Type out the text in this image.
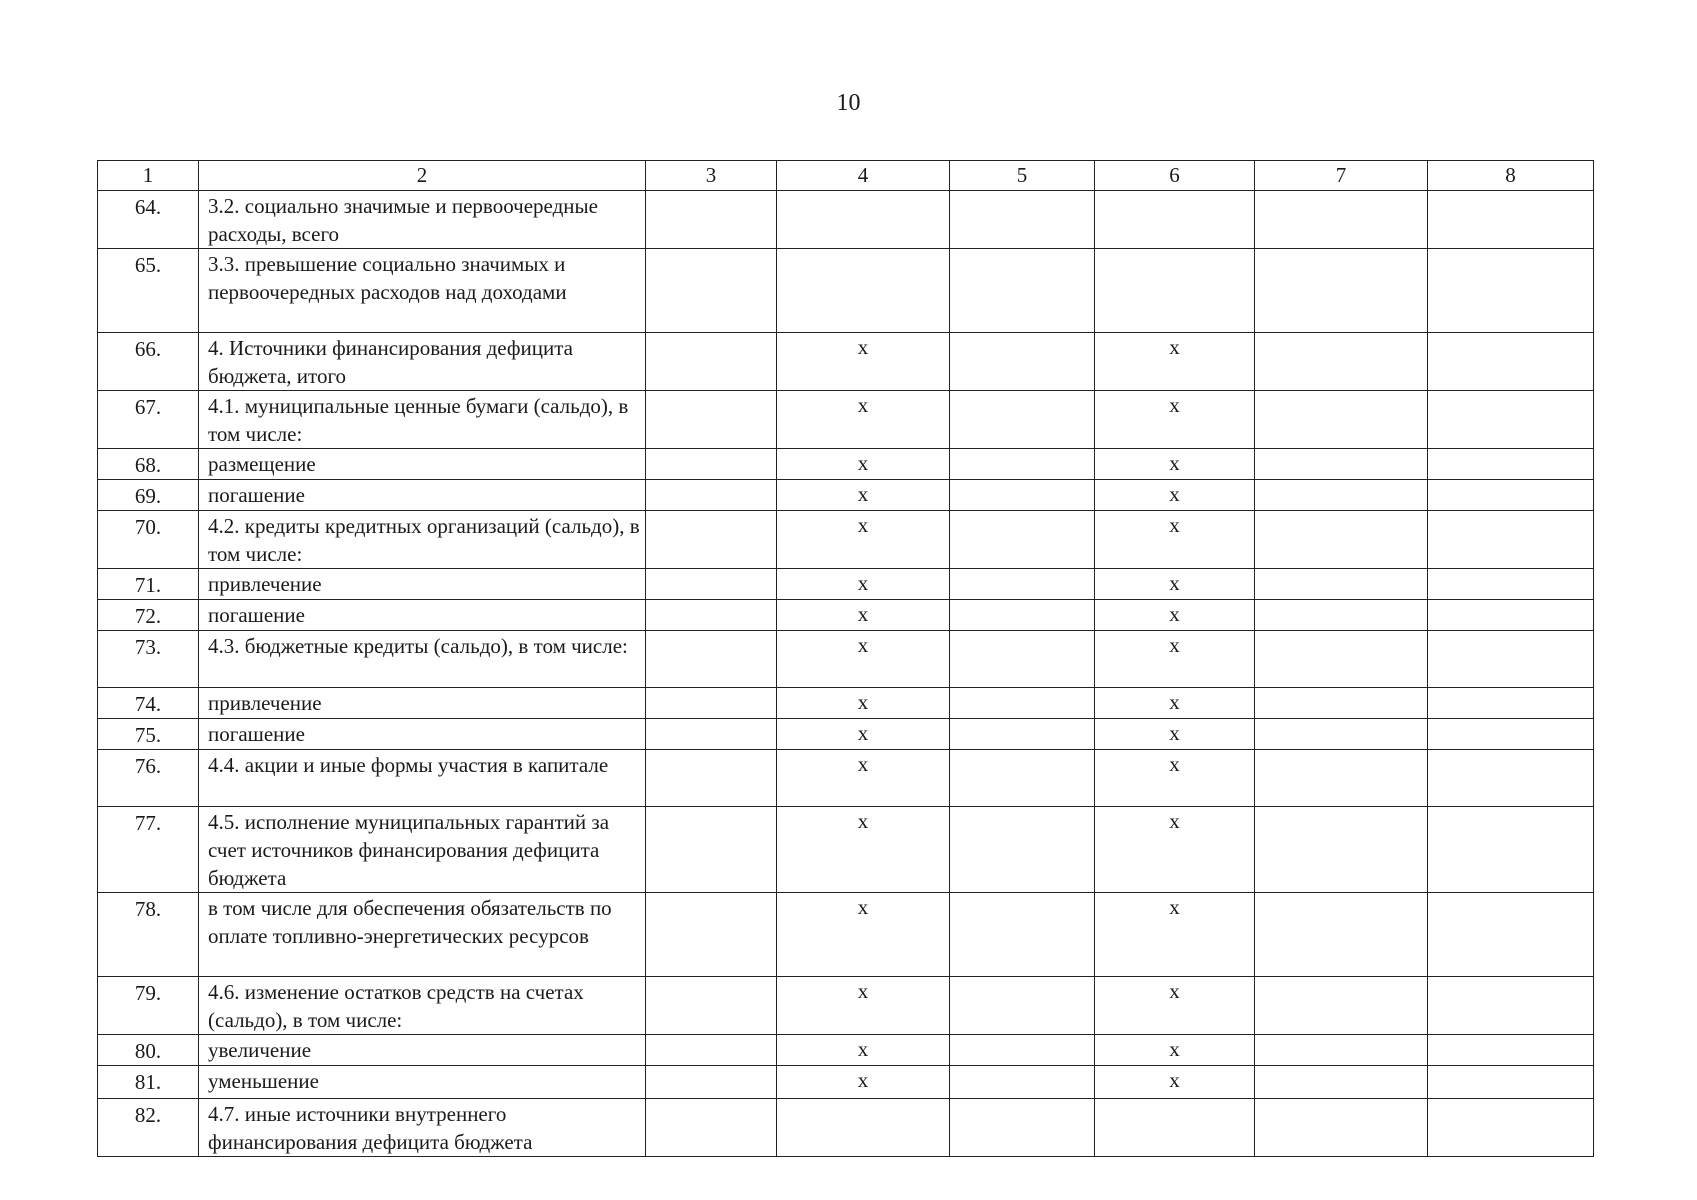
10
1	2	3	4	5	6	7	8

64.	3.2. социально значимые и первоочередные расходы, всего						

65.	3.3. превышение социально значимых и первоочередных расходов над доходами						

66.	4. Источники финансирования дефицита бюджета, итого		х		х		

67.	4.1. муниципальные ценные бумаги (сальдо), в том числе:		х		х		

68.	размещение		х		х		

69.	погашение		х		х		

70.	4.2. кредиты кредитных организаций (сальдо), в том числе:		х		х		

71.	привлечение		х		х		

72.	погашение		х		х		

73.	4.3. бюджетные кредиты (сальдо), в том числе:		х		х		

74.	привлечение		х		х		

75.	погашение		х		х		

76.	4.4. акции и иные формы участия в капитале		х		х		

77.	4.5. исполнение муниципальных гарантий за счет источников финансирования дефицита бюджета		х		х		

78.	в том числе для обеспечения обязательств по оплате топливно-энергетических ресурсов		х		х		

79.	4.6. изменение остатков средств на счетах (сальдо), в том числе:		х		х		

80.	увеличение		х		х		

81.	уменьшение		х		х		

82.	4.7. иные источники внутреннего финансирования дефицита бюджета						
